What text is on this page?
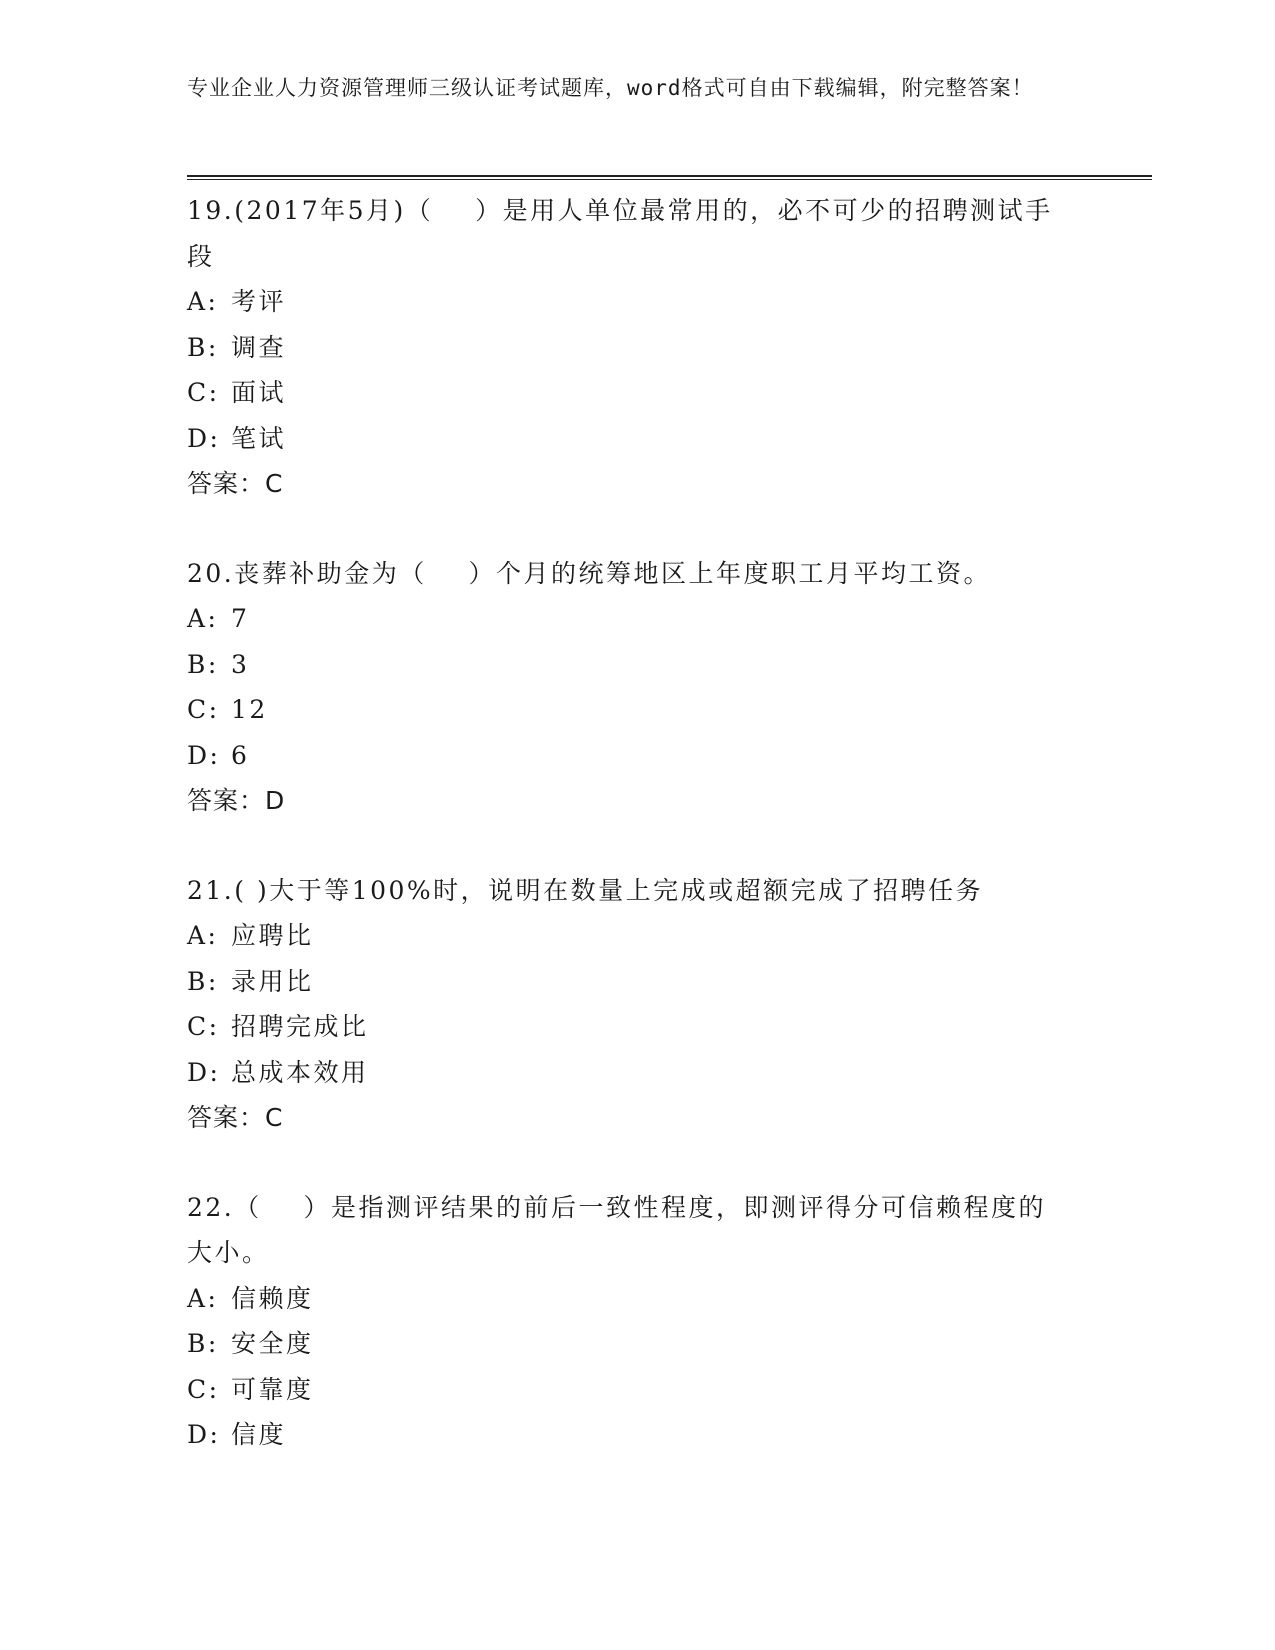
专业企业人力资源管理师三级认证考试题库，word格式可自由下载编辑，附完整答案！
19.(2017年5月)（    ）是用人单位最常用的，必不可少的招聘测试手段
A: 考评
B: 调查
C: 面试
D: 笔试
答案：C
20.丧葬补助金为（    ）个月的统筹地区上年度职工月平均工资。
A: 7
B: 3
C: 12
D: 6
答案：D
21.( )大于等100%时，说明在数量上完成或超额完成了招聘任务
A: 应聘比
B: 录用比
C: 招聘完成比
D: 总成本效用
答案：C
22.（    ）是指测评结果的前后一致性程度，即测评得分可信赖程度的大小。
A: 信赖度
B: 安全度
C: 可靠度
D: 信度
